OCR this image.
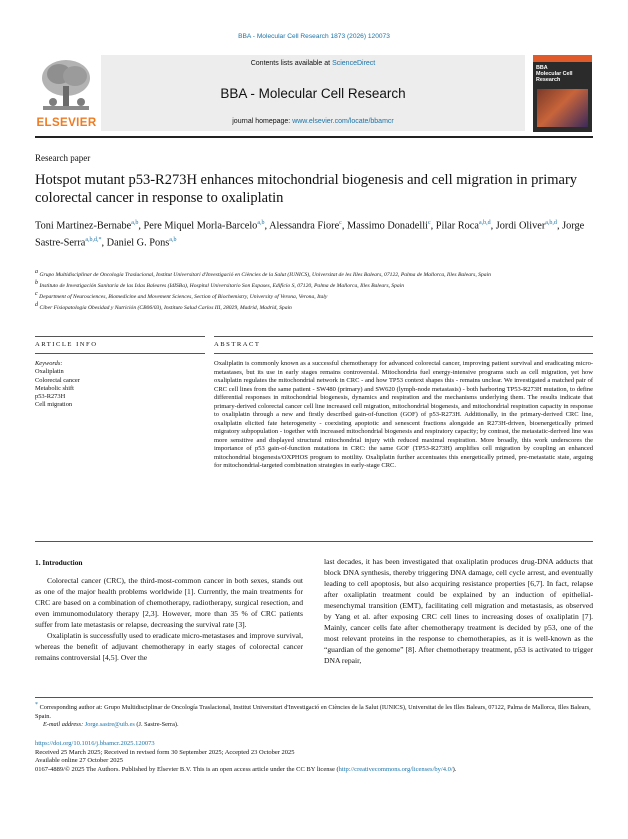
BBA - Molecular Cell Research 1873 (2026) 120073
ELSEVIER
Contents lists available at ScienceDirect
BBA - Molecular Cell Research
journal homepage: www.elsevier.com/locate/bbamcr
BBA
Molecular Cell
Research
Research paper
Hotspot mutant p53-R273H enhances mitochondrial biogenesis and cell migration in primary colorectal cancer in response to oxaliplatin
Toni Martinez-Bernabe$^{a,b}$, Pere Miquel Morla-Barcelo$^{a,b}$, Alessandra Fiore$^c$, Massimo Donadelli$^c$, Pilar Roca$^{a,b,d}$, Jordi Oliver$^{a,b,d}$, Jorge Sastre-Serra$^{a,b,d,*}$, Daniel G. Pons$^{a,b}$
$^a$ Grupo Multidisciplinar de Oncología Traslacional, Institut Universitari d'Investigació en Ciències de la Salut (IUNICS), Universitat de les Illes Balears, 07122, Palma de Mallorca, Illes Balears, Spain
$^b$ Instituto de Investigación Sanitaria de las Islas Baleares (IdISBa), Hospital Universitario Son Espases, Edificio S, 07120, Palma de Mallorca, Illes Balears, Spain
$^c$ Department of Neurosciences, Biomedicine and Movement Sciences, Section of Biochemistry, University of Verona, Verona, Italy
$^d$ Ciber Fisiopatología Obesidad y Nutrición (CB06/03), Instituto Salud Carlos III, 28029, Madrid, Madrid, Spain
ARTICLE INFO	ABSTRACT
Keywords:
Oxaliplatin
Colorectal cancer
Metabolic shift
p53-R273H
Cell migration
Oxaliplatin is commonly known as a successful chemotherapy for advanced colorectal cancer, improving patient survival and eradicating micro-metastases, but its use in early stages remains controversial. Mitochondria fuel energy-intensive programs such as cell migration, yet how oxaliplatin regulates the mitochondrial network in CRC - and how TP53 context shapes this - remains unclear. We investigated a matched pair of CRC cell lines from the same patient - SW480 (primary) and SW620 (lymph-node metastasis) - both harboring TP53-R273H mutation, to define differential responses in mitochondrial biogenesis, dynamics and respiration and the mechanisms underlying them. The results indicate that primary-derived colorectal cancer cell line increased cell migration, mitochondrial biogenesis, and mitochondrial respiration capacity in response to oxaliplatin through a new and firstly described gain-of-function (GOF) of p53-R273H. Additionally, in the primary-derived CRC line, oxaliplatin elicited fate heterogeneity - coexisting apoptotic and senescent fractions alongside an R273H-driven, bioenergetically primed migratory subpopulation - together with increased mitochondrial biogenesis and respiratory capacity; by contrast, the metastatic-derived line was more sensitive and displayed structural mitochondrial injury with reduced maximal respiration. More broadly, this work underscores the importance of p53 gain-of-function mutations in CRC: the same GOF (TP53-R273H) amplifies cell migration by coupling an enhanced mitochondrial biogenesis/OXPHOS program to motility. Oxaliplatin further accentuates this energetically primed, pre-metastatic state, arguing for mitochondrial-targeted combination strategies in early-stage CRC.
1. Introduction

Colorectal cancer (CRC), the third-most-common cancer in both sexes, stands out as one of the major health problems worldwide [1]. Currently, the main treatments for CRC are based on a combination of chemotherapy, radiotherapy, surgical resection, and even immunomodulatory therapy [2,3]. However, more than 35 % of CRC patients suffer from late metastasis or relapse, decreasing the survival rate [3].

Oxaliplatin is successfully used to eradicate micro-metastases and improve survival, whereas the benefit of adjuvant chemotherapy in early stages of colorectal cancer remains controversial [4,5]. Over the

last decades, it has been investigated that oxaliplatin produces drug-DNA adducts that block DNA synthesis, thereby triggering DNA damage, cell cycle arrest, and eventually leading to cell apoptosis, but also acquiring resistance properties [6,7]. In fact, relapse after oxaliplatin treatment could be explained by an induction of epithelial-mesenchymal transition (EMT), facilitating cell migration and metastasis, as observed by Yang et al. after exposing CRC cell lines to increasing doses of oxaliplatin [7]. Mainly, cancer cells fate after chemotherapy treatment is decided by p53, one of the most relevant proteins in the response to chemotherapies, as it is well-known as the “guardian of the genome” [8]. After chemotherapy treatment, p53 is activated to trigger DNA repair,

* Corresponding author at: Grupo Multidisciplinar de Oncología Traslacional, Institut Universitari d'Investigació en Ciències de la Salut (IUNICS), Universitat de les Illes Balears, 07122, Palma de Mallorca, Illes Balears, Spain.
E-mail address: Jorge.sastre@uib.es (J. Sastre-Serra).
https://doi.org/10.1016/j.bbamcr.2025.120073
Received 25 March 2025; Received in revised form 30 September 2025; Accepted 23 October 2025
Available online 27 October 2025
0167-4889/© 2025 The Authors. Published by Elsevier B.V. This is an open access article under the CC BY license (http://creativecommons.org/licenses/by/4.0/).
